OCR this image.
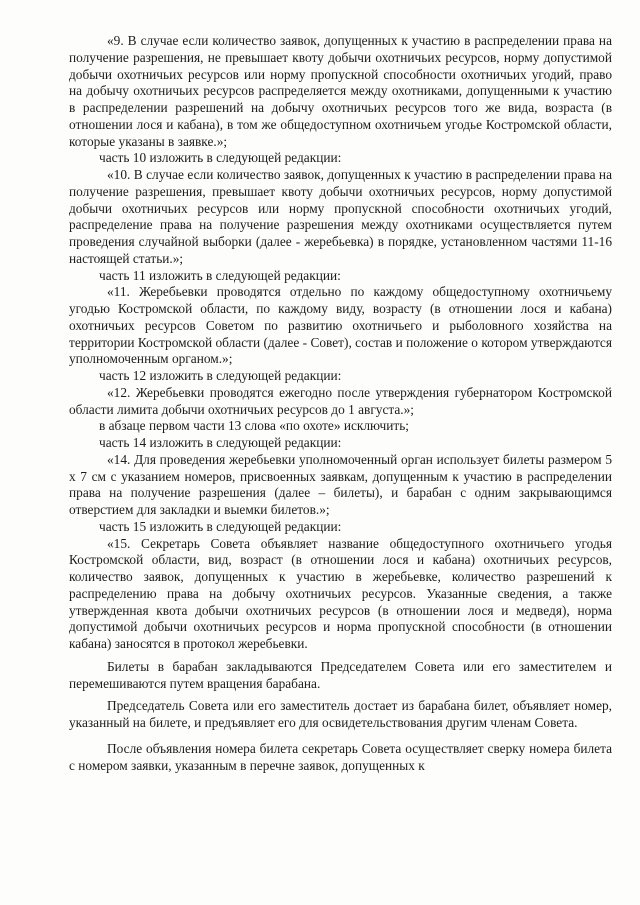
«9. В случае если количество заявок, допущенных к участию в распределении права на получение разрешения, не превышает квоту добычи охотничьих ресурсов, норму допустимой добычи охотничьих ресурсов или норму пропускной способности охотничьих угодий, право на добычу охотничьих ресурсов распределяется между охотниками, допущенными к участию в распределении разрешений на добычу охотничьих ресурсов того же вида, возраста (в отношении лося и кабана), в том же общедоступном охотничьем угодье Костромской области, которые указаны в заявке.»;

часть 10 изложить в следующей редакции:

«10. В случае если количество заявок, допущенных к участию в распределении права на получение разрешения, превышает квоту добычи охотничьих ресурсов, норму допустимой добычи охотничьих ресурсов или норму пропускной способности охотничьих угодий, распределение права на получение разрешения между охотниками осуществляется путем проведения случайной выборки (далее - жеребьевка) в порядке, установленном частями 11-16 настоящей статьи.»;

часть 11 изложить в следующей редакции:

«11. Жеребьевки проводятся отдельно по каждому общедоступному охотничьему угодью Костромской области, по каждому виду, возрасту (в отношении лося и кабана) охотничьих ресурсов Советом по развитию охотничьего и рыболовного хозяйства на территории Костромской области (далее - Совет), состав и положение о котором утверждаются уполномоченным органом.»;

часть 12 изложить в следующей редакции:

«12. Жеребьевки проводятся ежегодно после утверждения губернатором Костромской области лимита добычи охотничьих ресурсов до 1 августа.»;

в абзаце первом части 13 слова «по охоте» исключить;

часть 14 изложить в следующей редакции:

«14. Для проведения жеребьевки уполномоченный орган использует билеты размером 5 х 7 см с указанием номеров, присвоенных заявкам, допущенным к участию в распределении права на получение разрешения (далее – билеты), и барабан с одним закрывающимся отверстием для закладки и выемки билетов.»;

часть 15 изложить в следующей редакции:

«15. Секретарь Совета объявляет название общедоступного охотничьего угодья Костромской области, вид, возраст (в отношении лося и кабана) охотничьих ресурсов, количество заявок, допущенных к участию в жеребьевке, количество разрешений к распределению права на добычу охотничьих ресурсов. Указанные сведения, а также утвержденная квота добычи охотничьих ресурсов (в отношении лося и медведя), норма допустимой добычи охотничьих ресурсов и норма пропускной способности (в отношении кабана) заносятся в протокол жеребьевки.

Билеты в барабан закладываются Председателем Совета или его заместителем и перемешиваются путем вращения барабана.

Председатель Совета или его заместитель достает из барабана билет, объявляет номер, указанный на билете, и предъявляет его для освидетельствования другим членам Совета.

После объявления номера билета секретарь Совета осуществляет сверку номера билета с номером заявки, указанным в перечне заявок, допущенных к
